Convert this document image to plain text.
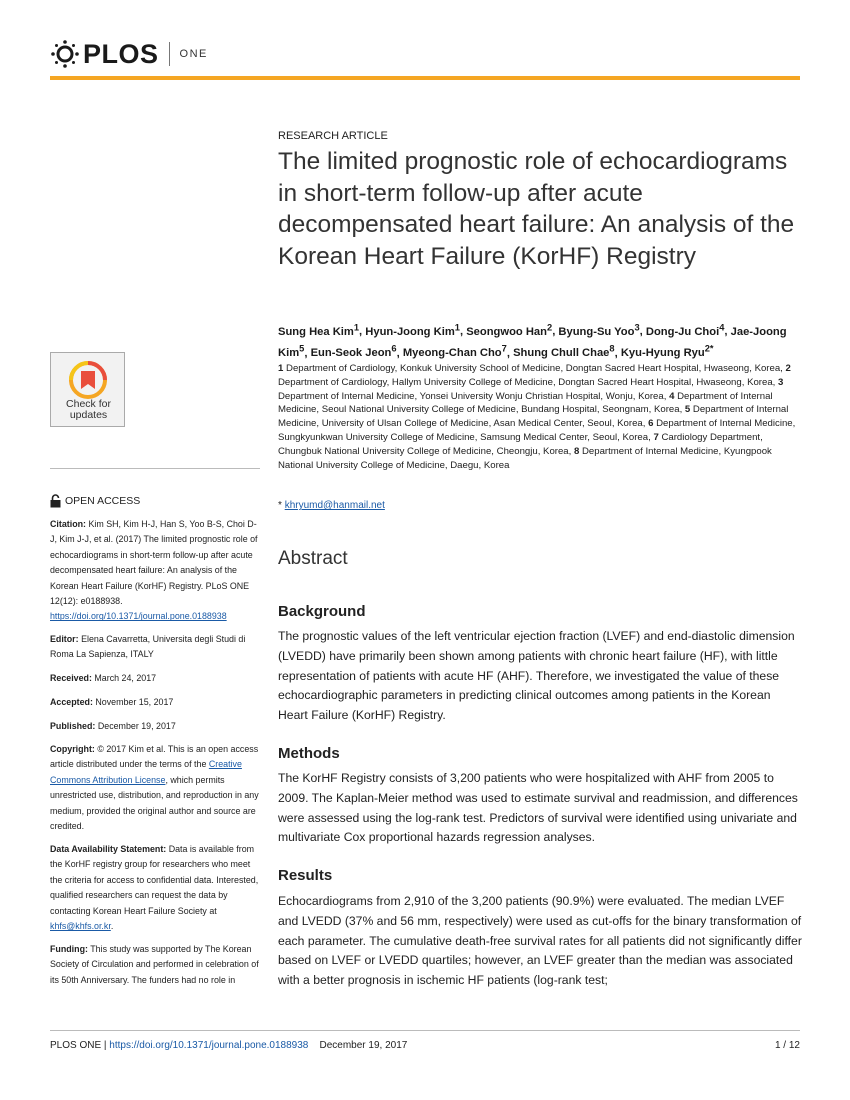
PLOS ONE
Check for
updates
OPEN ACCESS
Citation: Kim SH, Kim H-J, Han S, Yoo B-S, Choi D-J, Kim J-J, et al. (2017) The limited prognostic role of echocardiograms in short-term follow-up after acute decompensated heart failure: An analysis of the Korean Heart Failure (KorHF) Registry. PLoS ONE 12(12): e0188938. https://doi.org/10.1371/journal.pone.0188938
Editor: Elena Cavarretta, Universita degli Studi di Roma La Sapienza, ITALY
Received: March 24, 2017
Accepted: November 15, 2017
Published: December 19, 2017
Copyright: © 2017 Kim et al. This is an open access article distributed under the terms of the Creative Commons Attribution License, which permits unrestricted use, distribution, and reproduction in any medium, provided the original author and source are credited.
Data Availability Statement: Data is available from the KorHF registry group for researchers who meet the criteria for access to confidential data. Interested, qualified researchers can request the data by contacting Korean Heart Failure Society at khfs@khfs.or.kr.
Funding: This study was supported by The Korean Society of Circulation and performed in celebration of its 50th Anniversary. The funders had no role in
RESEARCH ARTICLE
The limited prognostic role of echocardiograms in short-term follow-up after acute decompensated heart failure: An analysis of the Korean Heart Failure (KorHF) Registry
Sung Hea Kim$^1$, Hyun-Joong Kim$^1$, Seongwoo Han$^2$, Byung-Su Yoo$^3$, Dong-Ju Choi$^4$, Jae-Joong Kim$^5$, Eun-Seok Jeon$^6$, Myeong-Chan Cho$^7$, Shung Chull Chae$^8$, Kyu-Hyung Ryu$^{2*}$
1 Department of Cardiology, Konkuk University School of Medicine, Dongtan Sacred Heart Hospital, Hwaseong, Korea, 2 Department of Cardiology, Hallym University College of Medicine, Dongtan Sacred Heart Hospital, Hwaseong, Korea, 3 Department of Internal Medicine, Yonsei University Wonju Christian Hospital, Wonju, Korea, 4 Department of Internal Medicine, Seoul National University College of Medicine, Bundang Hospital, Seongnam, Korea, 5 Department of Internal Medicine, University of Ulsan College of Medicine, Asan Medical Center, Seoul, Korea, 6 Department of Internal Medicine, Sungkyunkwan University College of Medicine, Samsung Medical Center, Seoul, Korea, 7 Cardiology Department, Chungbuk National University College of Medicine, Cheongju, Korea, 8 Department of Internal Medicine, Kyungpook National University College of Medicine, Daegu, Korea
* khryumd@hanmail.net
Abstract
Background

The prognostic values of the left ventricular ejection fraction (LVEF) and end-diastolic dimension (LVEDD) have primarily been shown among patients with chronic heart failure (HF), with little representation of patients with acute HF (AHF). Therefore, we investigated the value of these echocardiographic parameters in predicting clinical outcomes among patients in the Korean Heart Failure (KorHF) Registry.

Methods

The KorHF Registry consists of 3,200 patients who were hospitalized with AHF from 2005 to 2009. The Kaplan-Meier method was used to estimate survival and readmission, and differences were assessed using the log-rank test. Predictors of survival were identified using univariate and multivariate Cox proportional hazards regression analyses.

Results

Echocardiograms from 2,910 of the 3,200 patients (90.9%) were evaluated. The median LVEF and LVEDD (37% and 56 mm, respectively) were used as cut-offs for the binary transformation of each parameter. The cumulative death-free survival rates for all patients did not significantly differ based on LVEF or LVEDD quartiles; however, an LVEF greater than the median was associated with a better prognosis in ischemic HF patients (log-rank test;

PLOS ONE | https://doi.org/10.1371/journal.pone.0188938 December 19, 2017	1 / 12
